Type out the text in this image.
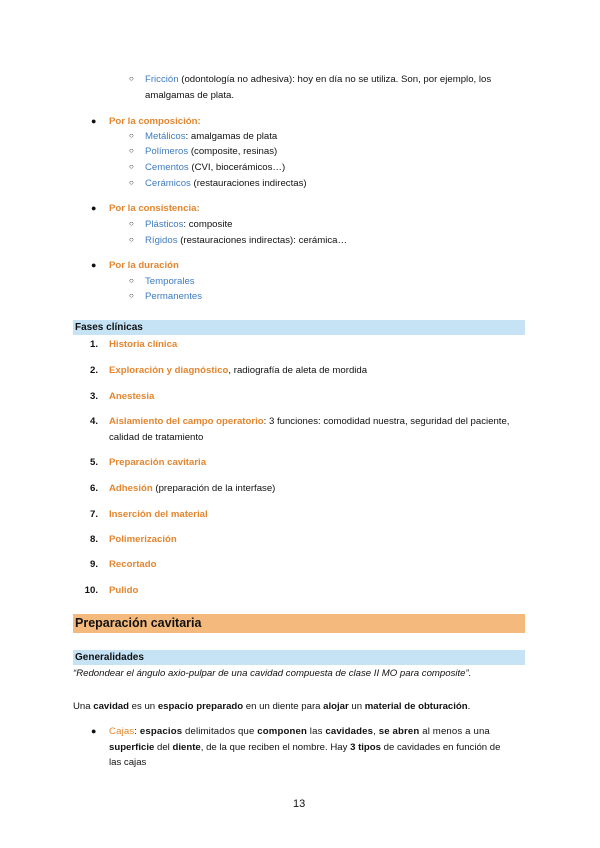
○ Fricción (odontología no adhesiva): hoy en día no se utiliza. Son, por ejemplo, los
amalgamas de plata.
● Por la composición:
○ Metálicos: amalgamas de plata
○ Polímeros (composite, resinas)
○ Cementos (CVI, biocerámicos…)
○ Cerámicos (restauraciones indirectas)
● Por la consistencia:
○ Plásticos: composite
○ Rígidos (restauraciones indirectas): cerámica…
● Por la duración
○ Temporales
○ Permanentes
Fases clínicas
1. Historia clínica
2. Exploración y diagnóstico, radiografía de aleta de mordida
3. Anestesia
4. Aislamiento del campo operatorio: 3 funciones: comodidad nuestra, seguridad del paciente,
calidad de tratamiento
5. Preparación cavitaria
6. Adhesión (preparación de la interfase)
7. Inserción del material
8. Polimerización
9. Recortado
10. Pulido
Preparación cavitaria
Generalidades
“Redondear el ángulo axio-pulpar de una cavidad compuesta de clase II MO para composite”.
Una cavidad es un espacio preparado en un diente para alojar un material de obturación.
● Cajas: espacios delimitados que componen las cavidades, se abren al menos a una
superficie del diente, de la que reciben el nombre. Hay 3 tipos de cavidades en función de
las cajas
13
